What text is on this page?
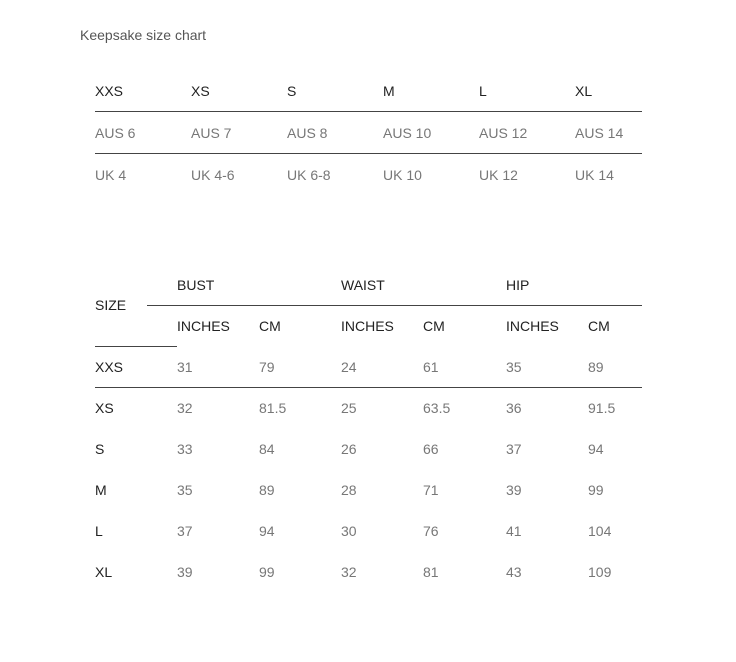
Keepsake size chart
XXS	XS	S	M	L	XL
AUS 6	AUS 7	AUS 8	AUS 10	AUS 12	AUS 14
UK 4	UK 4-6	UK 6-8	UK 10	UK 12	UK 14
SIZE
BUST	WAIST	HIP
INCHES CM	INCHES CM	INCHES CM
XXS	31	79	24	61	35	89
XS	32	81.5	25	63.5	36	91.5
S	33	84	26	66	37	94
M	35	89	28	71	39	99
L	37	94	30	76	41	104
XL	39	99	32	81	43	109
